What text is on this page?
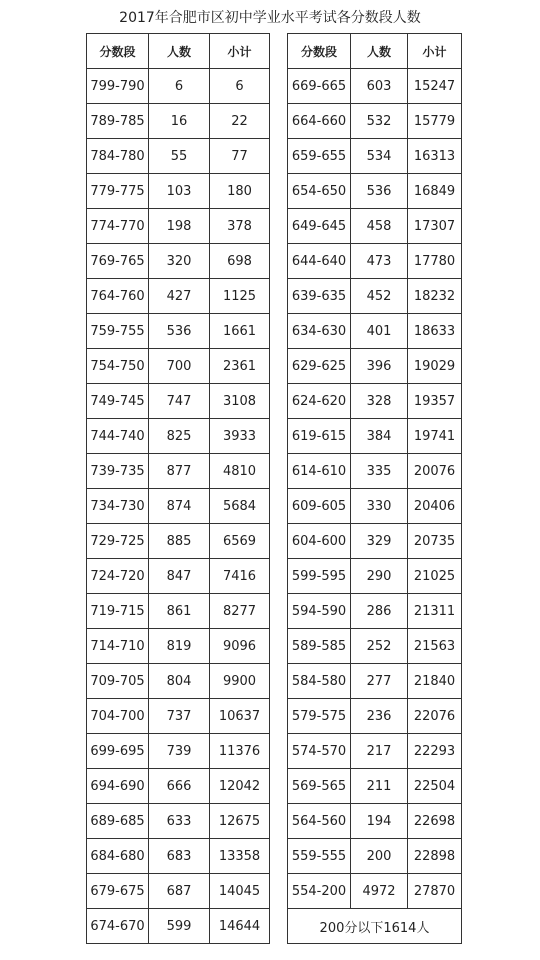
2017年合肥市区初中学业水平考试各分数段人数
分数段	人数	小计
799-790	6	6
789-785	16	22
784-780	55	77
779-775	103	180
774-770	198	378
769-765	320	698
764-760	427	1125
759-755	536	1661
754-750	700	2361
749-745	747	3108
744-740	825	3933
739-735	877	4810
734-730	874	5684
729-725	885	6569
724-720	847	7416
719-715	861	8277
714-710	819	9096
709-705	804	9900
704-700	737	10637
699-695	739	11376
694-690	666	12042
689-685	633	12675
684-680	683	13358
679-675	687	14045
674-670	599	14644
分数段	人数	小计
669-665	603	15247
664-660	532	15779
659-655	534	16313
654-650	536	16849
649-645	458	17307
644-640	473	17780
639-635	452	18232
634-630	401	18633
629-625	396	19029
624-620	328	19357
619-615	384	19741
614-610	335	20076
609-605	330	20406
604-600	329	20735
599-595	290	21025
594-590	286	21311
589-585	252	21563
584-580	277	21840
579-575	236	22076
574-570	217	22293
569-565	211	22504
564-560	194	22698
559-555	200	22898
554-200	4972	27870
200分以下1614人		
